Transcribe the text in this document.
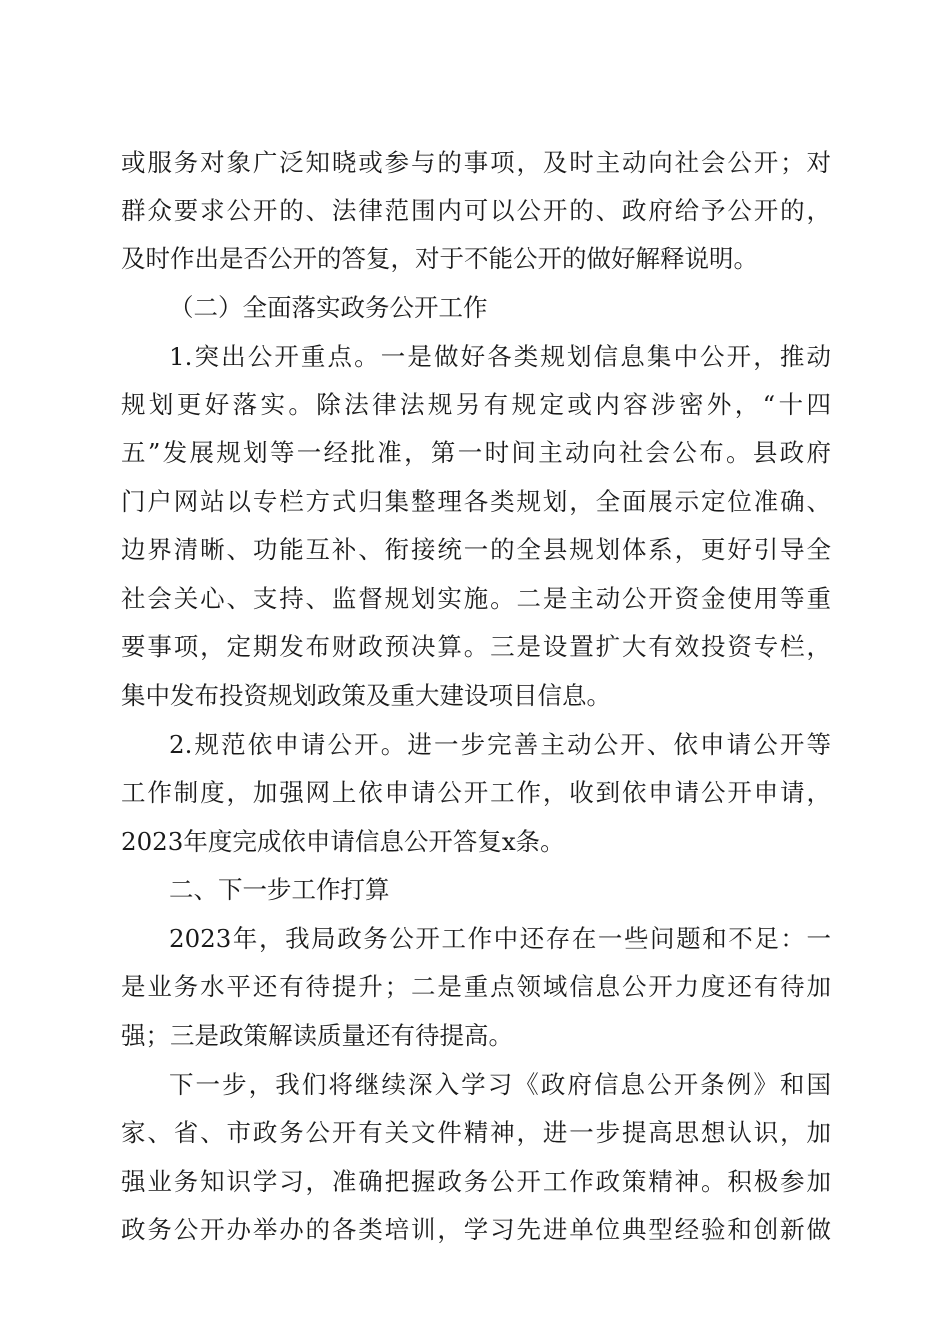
或服务对象广泛知晓或参与的事项，及时主动向社会公开；对
群众要求公开的、法律范围内可以公开的、政府给予公开的，
及时作出是否公开的答复，对于不能公开的做好解释说明。
（二）全面落实政务公开工作
1.突出公开重点。一是做好各类规划信息集中公开，推动
规划更好落实。除法律法规另有规定或内容涉密外，“十四
五”发展规划等一经批准，第一时间主动向社会公布。县政府
门户网站以专栏方式归集整理各类规划，全面展示定位准确、
边界清晰、功能互补、衔接统一的全县规划体系，更好引导全
社会关心、支持、监督规划实施。二是主动公开资金使用等重
要事项，定期发布财政预决算。三是设置扩大有效投资专栏，
集中发布投资规划政策及重大建设项目信息。
2.规范依申请公开。进一步完善主动公开、依申请公开等
工作制度，加强网上依申请公开工作，收到依申请公开申请，
2023年度完成依申请信息公开答复x条。
二、下一步工作打算
2023年，我局政务公开工作中还存在一些问题和不足：一
是业务水平还有待提升；二是重点领域信息公开力度还有待加
强；三是政策解读质量还有待提高。
下一步，我们将继续深入学习《政府信息公开条例》和国
家、省、市政务公开有关文件精神，进一步提高思想认识，加
强业务知识学习，准确把握政务公开工作政策精神。积极参加
政务公开办举办的各类培训，学习先进单位典型经验和创新做
